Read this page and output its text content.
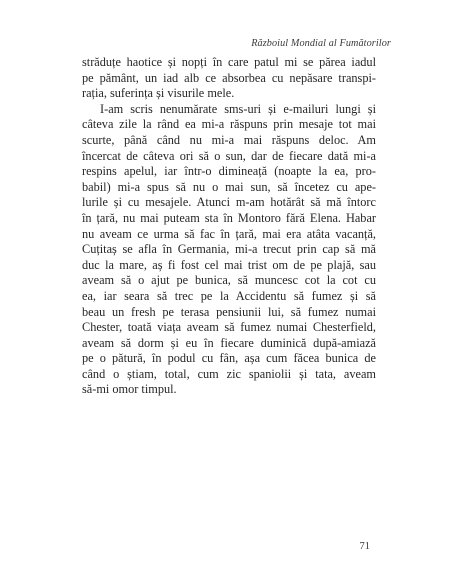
Războiul Mondial al Fumătorilor
străduțe haotice și nopți în care patul mi se părea iadul
pe pământ, un iad alb ce absorbea cu nepăsare transpi-
rația, suferința și visurile mele.
I-am scris nenumărate sms-uri și e-mailuri lungi și
câteva zile la rând ea mi-a răspuns prin mesaje tot mai
scurte, până când nu mi-a mai răspuns deloc. Am
încercat de câteva ori să o sun, dar de fiecare dată mi-a
respins apelul, iar într-o dimineață (noapte la ea, pro-
babil) mi-a spus să nu o mai sun, să încetez cu ape-
lurile și cu mesajele. Atunci m-am hotărât să mă întorc
în țară, nu mai puteam sta în Montoro fără Elena. Habar
nu aveam ce urma să fac în țară, mai era atâta vacanță,
Cuțitaș se afla în Germania, mi-a trecut prin cap să mă
duc la mare, aș fi fost cel mai trist om de pe plajă, sau
aveam să o ajut pe bunica, să muncesc cot la cot cu
ea, iar seara să trec pe la Accidentu să fumez și să
beau un fresh pe terasa pensiunii lui, să fumez numai
Chester, toată viața aveam să fumez numai Chesterfield,
aveam să dorm și eu în fiecare duminică după-amiază
pe o pătură, în podul cu fân, așa cum făcea bunica de
când o știam, total, cum zic spaniolii și tata, aveam
să-mi omor timpul.
71
